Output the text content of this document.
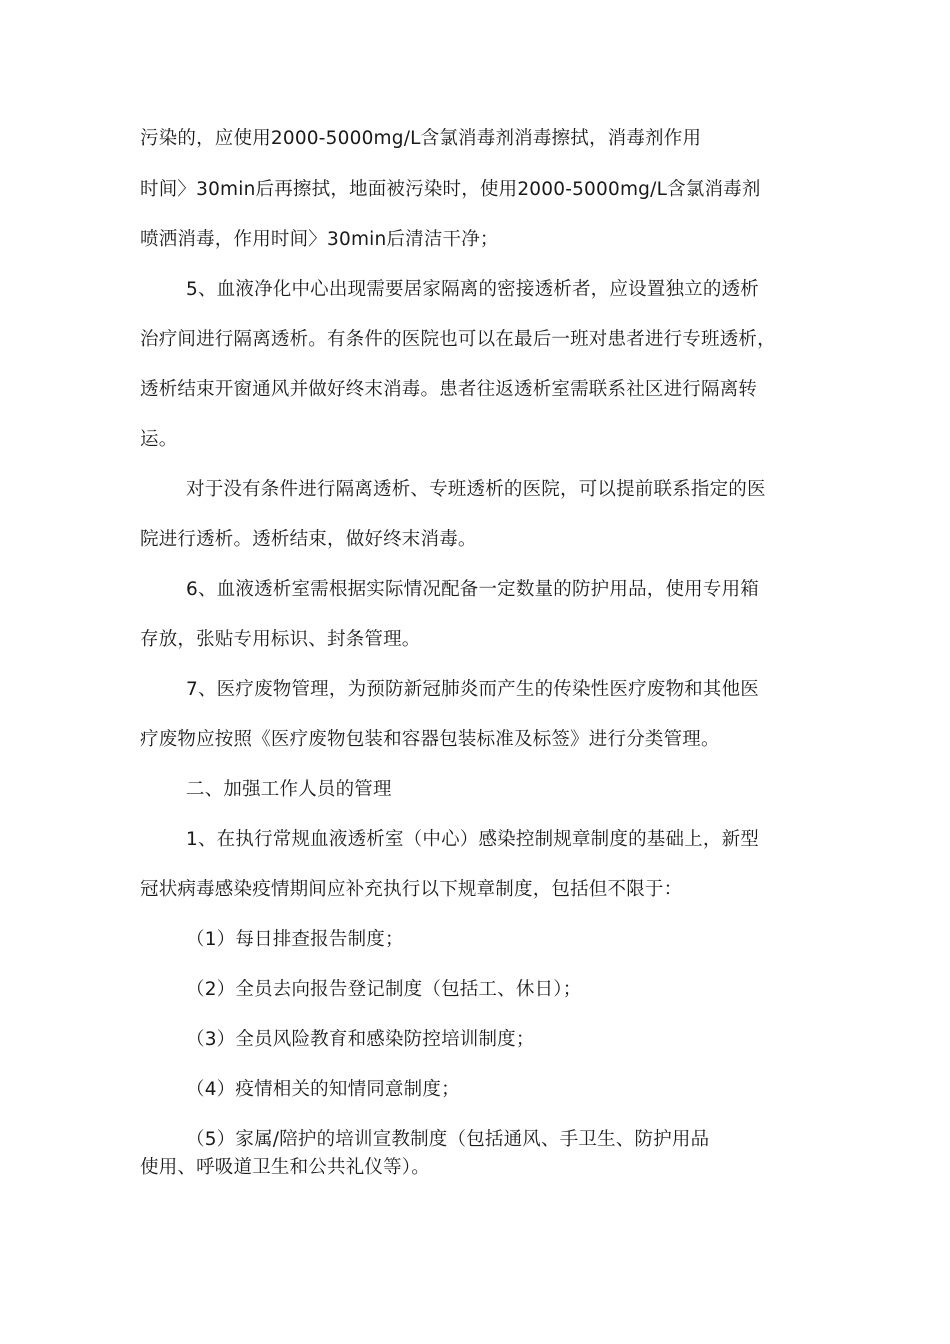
污染的，应使用2000-5000mg/L含氯消毒剂消毒擦拭，消毒剂作用
时间〉30min后再擦拭，地面被污染时，使用2000-5000mg/L含氯消毒剂
喷洒消毒，作用时间〉30min后清洁干净；
5、血液净化中心出现需要居家隔离的密接透析者，应设置独立的透析
治疗间进行隔离透析。有条件的医院也可以在最后一班对患者进行专班透析，
透析结束开窗通风并做好终末消毒。患者往返透析室需联系社区进行隔离转
运。
对于没有条件进行隔离透析、专班透析的医院，可以提前联系指定的医
院进行透析。透析结束，做好终末消毒。
6、血液透析室需根据实际情况配备一定数量的防护用品，使用专用箱
存放，张贴专用标识、封条管理。
7、医疗废物管理，为预防新冠肺炎而产生的传染性医疗废物和其他医
疗废物应按照《医疗废物包装和容器包装标准及标签》进行分类管理。
二、加强工作人员的管理
1、在执行常规血液透析室（中心）感染控制规章制度的基础上，新型
冠状病毒感染疫情期间应补充执行以下规章制度，包括但不限于：
（1）每日排查报告制度；
（2）全员去向报告登记制度（包括工、休日）；
（3）全员风险教育和感染防控培训制度；
（4）疫情相关的知情同意制度；
（5）家属/陪护的培训宣教制度（包括通风、手卫生、防护用品
使用、呼吸道卫生和公共礼仪等）。
